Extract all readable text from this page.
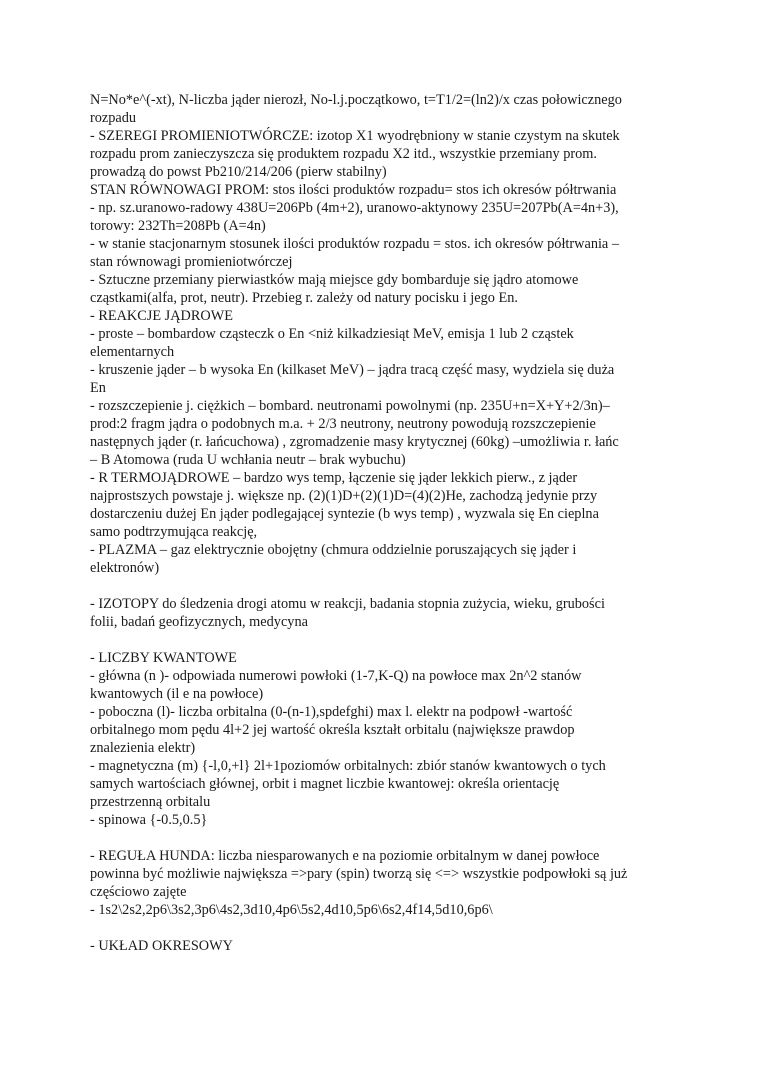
N=No*e^(-xt), N-liczba jąder nierozł, No-l.j.początkowo, t=T1/2=(ln2)/x czas połowicznego
rozpadu
- SZEREGI PROMIENIOTWÓRCZE: izotop X1 wyodrębniony w stanie czystym na skutek
rozpadu prom zanieczyszcza się produktem rozpadu X2 itd., wszystkie przemiany prom.
prowadzą do powst Pb210/214/206 (pierw stabilny)
STAN RÓWNOWAGI PROM: stos ilości produktów rozpadu= stos ich okresów półtrwania
- np. sz.uranowo-radowy 438U=206Pb (4m+2), uranowo-aktynowy 235U=207Pb(A=4n+3),
torowy: 232Th=208Pb (A=4n)
- w stanie stacjonarnym stosunek ilości produktów rozpadu = stos. ich okresów półtrwania –
stan równowagi promieniotwórczej
- Sztuczne przemiany pierwiastków mają miejsce gdy bombarduje się jądro atomowe
cząstkami(alfa, prot, neutr). Przebieg r. zależy od natury pocisku i jego En.
- REAKCJE JĄDROWE
- proste – bombardow cząsteczk o En <niż kilkadziesiąt MeV, emisja 1 lub 2 cząstek
elementarnych
- kruszenie jąder – b wysoka En (kilkaset MeV) – jądra tracą część masy, wydziela się duża
En
- rozszczepienie j. ciężkich – bombard. neutronami powolnymi (np. 235U+n=X+Y+2/3n)–
prod:2 fragm jądra o podobnych m.a. + 2/3 neutrony, neutrony powodują rozszczepienie
następnych jąder (r. łańcuchowa) , zgromadzenie masy krytycznej (60kg) –umożliwia r. łańc
– B Atomowa (ruda U wchłania neutr – brak wybuchu)
- R TERMOJĄDROWE – bardzo wys temp, łączenie się jąder lekkich pierw., z jąder
najprostszych powstaje j. większe np. (2)(1)D+(2)(1)D=(4)(2)He, zachodzą jedynie przy
dostarczeniu dużej En jąder podlegającej syntezie (b wys temp) , wyzwala się En cieplna
samo podtrzymująca reakcję,
- PLAZMA – gaz elektrycznie obojętny (chmura oddzielnie poruszających się jąder i
elektronów)
- IZOTOPY do śledzenia drogi atomu w reakcji, badania stopnia zużycia, wieku, grubości
folii, badań geofizycznych, medycyna
- LICZBY KWANTOWE
- główna (n )- odpowiada numerowi powłoki (1-7,K-Q) na powłoce max 2n^2 stanów
kwantowych (il e na powłoce)
- poboczna (l)- liczba orbitalna (0-(n-1),spdefghi) max l. elektr na podpowł -wartość
orbitalnego mom pędu 4l+2 jej wartość określa kształt orbitalu (największe prawdop
znalezienia elektr)
- magnetyczna (m) {-l,0,+l} 2l+1poziomów orbitalnych: zbiór stanów kwantowych o tych
samych wartościach głównej, orbit i magnet liczbie kwantowej: określa orientację
przestrzenną orbitalu
- spinowa {-0.5,0.5}
- REGUŁA HUNDA: liczba niesparowanych e na poziomie orbitalnym w danej powłoce
powinna być możliwie największa =>pary (spin) tworzą się <=> wszystkie podpowłoki są już
częściowo zajęte
- 1s2\2s2,2p6\3s2,3p6\4s2,3d10,4p6\5s2,4d10,5p6\6s2,4f14,5d10,6p6\
- UKŁAD OKRESOWY
